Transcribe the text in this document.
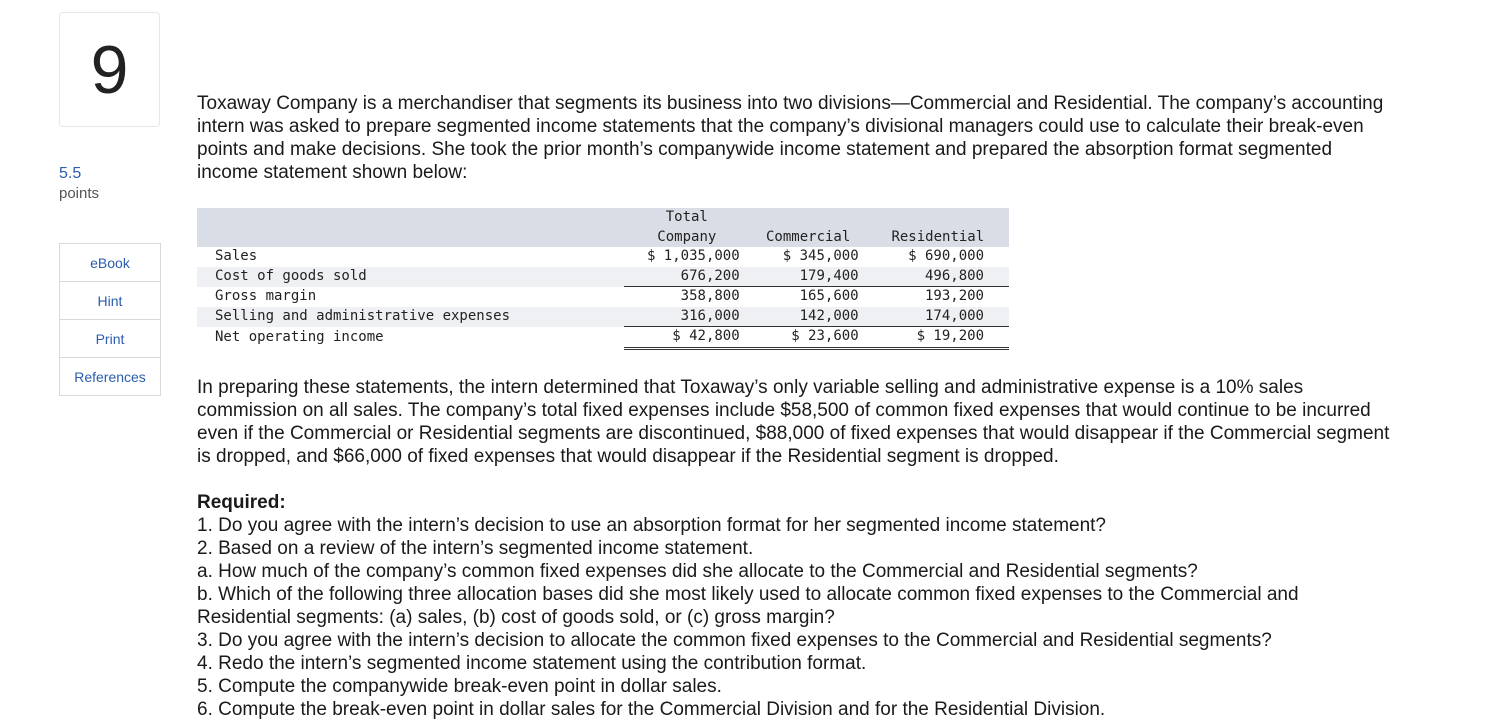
9
5.5
points
eBook
Hint
Print
References

Toxaway Company is a merchandiser that segments its business into two divisions—Commercial and Residential. The company’s accounting intern was asked to prepare segmented income statements that the company’s divisional managers could use to calculate their break-even points and make decisions. She took the prior month’s companywide income statement and prepared the absorption format segmented income statement shown below:

	Total		
	Company	Commercial	Residential
Sales	$ 1,035,000	$ 345,000	$ 690,000
Cost of goods sold	676,200	179,400	496,800
Gross margin	358,800	165,600	193,200
Selling and administrative expenses	316,000	142,000	174,000
Net operating income	$ 42,800	$ 23,600	$ 19,200

In preparing these statements, the intern determined that Toxaway’s only variable selling and administrative expense is a 10% sales commission on all sales. The company’s total fixed expenses include $58,500 of common fixed expenses that would continue to be incurred even if the Commercial or Residential segments are discontinued, $88,000 of fixed expenses that would disappear if the Commercial segment is dropped, and $66,000 of fixed expenses that would disappear if the Residential segment is dropped.

Required:

1. Do you agree with the intern’s decision to use an absorption format for her segmented income statement?

2. Based on a review of the intern’s segmented income statement.

a. How much of the company’s common fixed expenses did she allocate to the Commercial and Residential segments?

b. Which of the following three allocation bases did she most likely used to allocate common fixed expenses to the Commercial and Residential segments: (a) sales, (b) cost of goods sold, or (c) gross margin?

3. Do you agree with the intern’s decision to allocate the common fixed expenses to the Commercial and Residential segments?

4. Redo the intern’s segmented income statement using the contribution format.

5. Compute the companywide break-even point in dollar sales.

6. Compute the break-even point in dollar sales for the Commercial Division and for the Residential Division.
